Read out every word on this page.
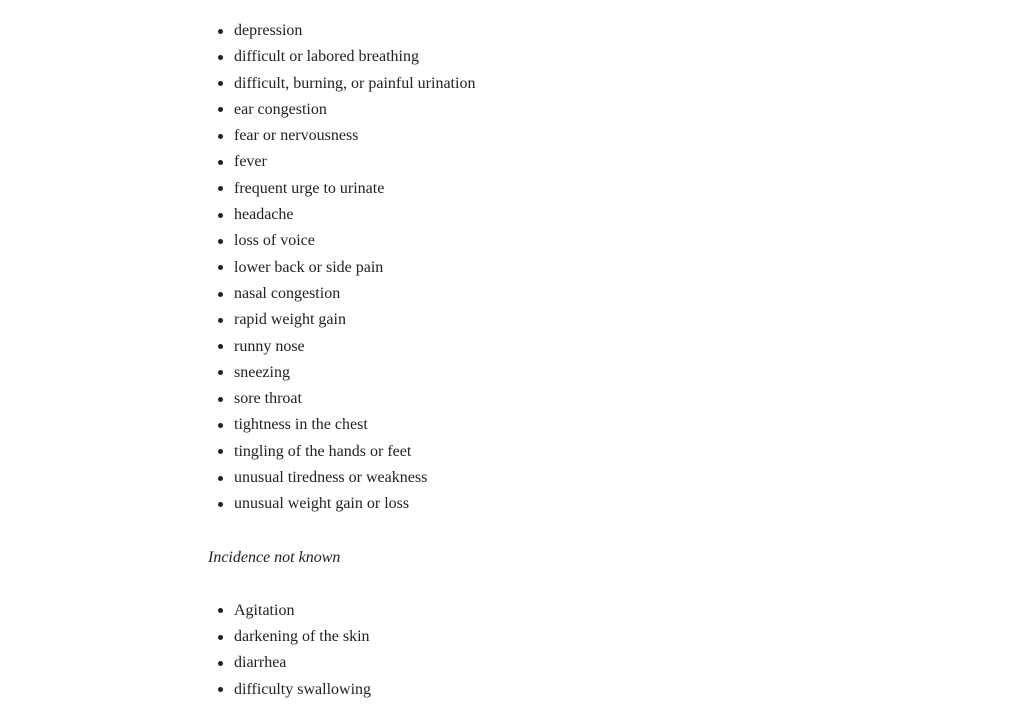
depression
difficult or labored breathing
difficult, burning, or painful urination
ear congestion
fear or nervousness
fever
frequent urge to urinate
headache
loss of voice
lower back or side pain
nasal congestion
rapid weight gain
runny nose
sneezing
sore throat
tightness in the chest
tingling of the hands or feet
unusual tiredness or weakness
unusual weight gain or loss
Incidence not known
Agitation
darkening of the skin
diarrhea
difficulty swallowing
